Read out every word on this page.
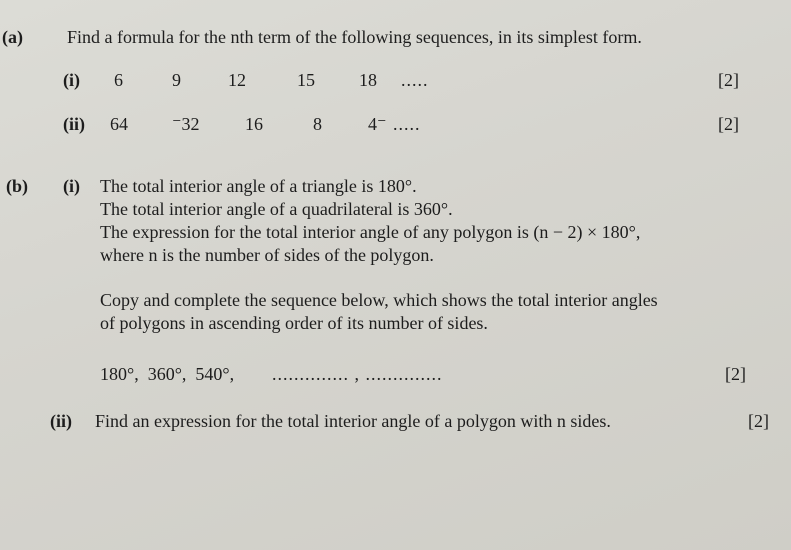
(a) Find a formula for the nth term of the following sequences, in its simplest form.
(i) 6	9	12	15 18 .....	[2]
(ii) 64 ⁻32	16	8	4⁻ .....	[2]
(b) (i) The total interior angle of a triangle is 180°.
The total interior angle of a quadrilateral is 360°.
The expression for the total interior angle of any polygon is (n − 2) × 180°,
where n is the number of sides of the polygon.
Copy and complete the sequence below, which shows the total interior angles
of polygons in ascending order of its number of sides.
180°,  360°,  540°, .............. , ..............	[2]
(ii) Find an expression for the total interior angle of a polygon with n sides.	[2]
